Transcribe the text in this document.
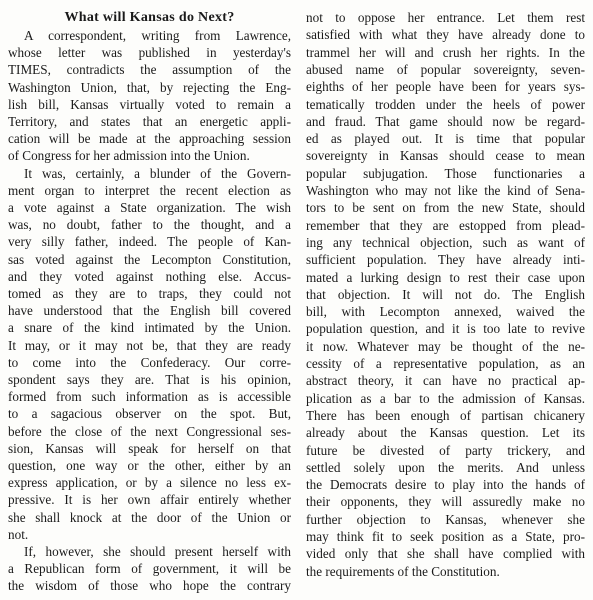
What will Kansas do Next?
A correspondent, writing from Lawrence,
whose letter was published in yesterday's
TIMES, contradicts the assumption of the
Washington Union, that, by rejecting the Eng-
lish bill, Kansas virtually voted to remain a
Territory, and states that an energetic appli-
cation will be made at the approaching session
of Congress for her admission into the Union.
It was, certainly, a blunder of the Govern-
ment organ to interpret the recent election as
a vote against a State organization. The wish
was, no doubt, father to the thought, and a
very silly father, indeed. The people of Kan-
sas voted against the Lecompton Constitution,
and they voted against nothing else. Accus-
tomed as they are to traps, they could not
have understood that the English bill covered
a snare of the kind intimated by the Union.
It may, or it may not be, that they are ready
to come into the Confederacy. Our corre-
spondent says they are. That is his opinion,
formed from such information as is accessible
to a sagacious observer on the spot. But,
before the close of the next Congressional ses-
sion, Kansas will speak for herself on that
question, one way or the other, either by an
express application, or by a silence no less ex-
pressive. It is her own affair entirely whether
she shall knock at the door of the Union or
not.
If, however, she should present herself with
a Republican form of government, it will be
the wisdom of those who hope the contrary
not to oppose her entrance. Let them rest
satisfied with what they have already done to
trammel her will and crush her rights. In the
abused name of popular sovereignty, seven-
eighths of her people have been for years sys-
tematically trodden under the heels of power
and fraud. That game should now be regard-
ed as played out. It is time that popular
sovereignty in Kansas should cease to mean
popular subjugation. Those functionaries a
Washington who may not like the kind of Sena-
tors to be sent on from the new State, should
remember that they are estopped from plead-
ing any technical objection, such as want of
sufficient population. They have already inti-
mated a lurking design to rest their case upon
that objection. It will not do. The English
bill, with Lecompton annexed, waived the
population question, and it is too late to revive
it now. Whatever may be thought of the ne-
cessity of a representative population, as an
abstract theory, it can have no practical ap-
plication as a bar to the admission of Kansas.
There has been enough of partisan chicanery
already about the Kansas question. Let its
future be divested of party trickery, and
settled solely upon the merits. And unless
the Democrats desire to play into the hands of
their opponents, they will assuredly make no
further objection to Kansas, whenever she
may think fit to seek position as a State, pro-
vided only that she shall have complied with
the requirements of the Constitution.
